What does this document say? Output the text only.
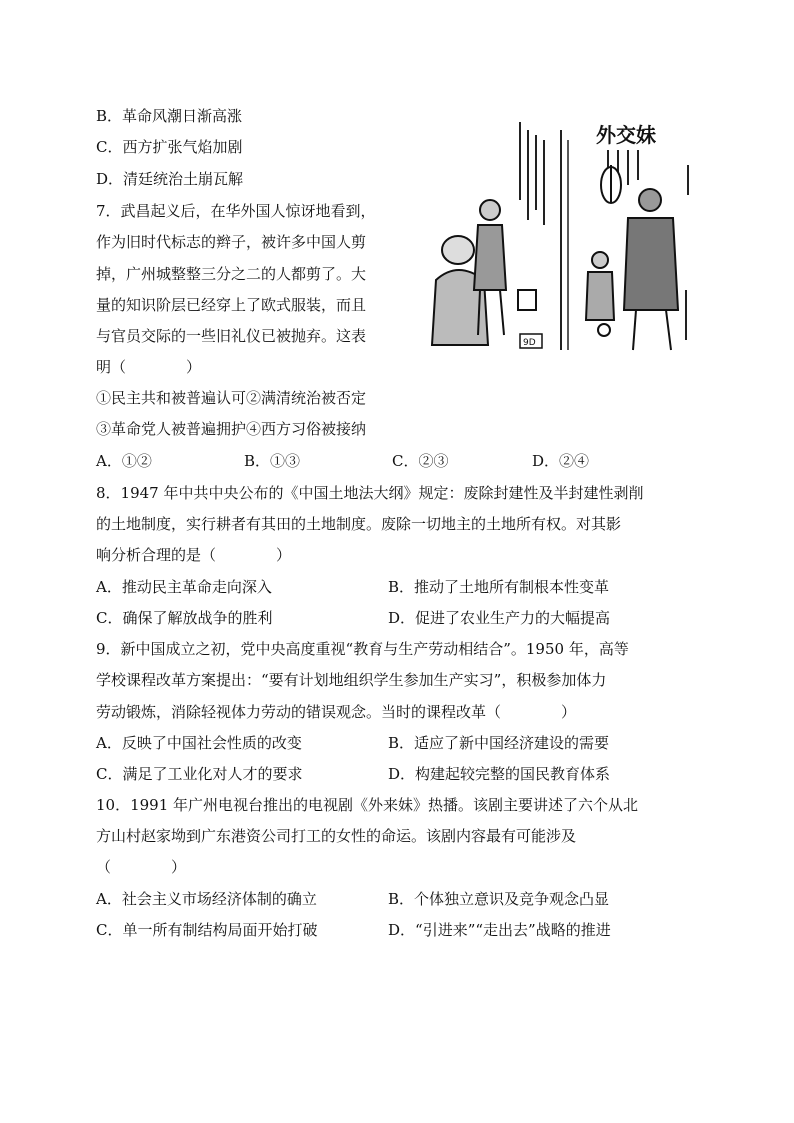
B．革命风潮日渐高涨
C．西方扩张气焰加剧
D．清廷统治土崩瓦解
7．武昌起义后，在华外国人惊讶地看到，
作为旧时代标志的辫子，被许多中国人剪
掉，广州城整整三分之二的人都剪了。大
量的知识阶层已经穿上了欧式服装，而且
与官员交际的一些旧礼仪已被抛弃。这表
明（　　　　）
①民主共和被普遍认可②满清统治被否定
③革命党人被普遍拥护④西方习俗被接纳
A．①②	B．①③	C．②③	D．②④
外交妹
9D
8．1947 年中共中央公布的《中国土地法大纲》规定：废除封建性及半封建性剥削
的土地制度，实行耕者有其田的土地制度。废除一切地主的土地所有权。对其影
响分析合理的是（　　　　）
A．推动民主革命走向深入	B．推动了土地所有制根本性变革
C．确保了解放战争的胜利	D．促进了农业生产力的大幅提高
9．新中国成立之初，党中央高度重视“教育与生产劳动相结合”。1950 年，高等
学校课程改革方案提出：“要有计划地组织学生参加生产实习”，积极参加体力
劳动锻炼，消除轻视体力劳动的错误观念。当时的课程改革（　　　　）
A．反映了中国社会性质的改变	B．适应了新中国经济建设的需要
C．满足了工业化对人才的要求	D．构建起较完整的国民教育体系
10．1991 年广州电视台推出的电视剧《外来妹》热播。该剧主要讲述了六个从北
方山村赵家坳到广东港资公司打工的女性的命运。该剧内容最有可能涉及
（　　　　）
A．社会主义市场经济体制的确立	B．个体独立意识及竞争观念凸显
C．单一所有制结构局面开始打破	D．“引进来”“走出去”战略的推进
